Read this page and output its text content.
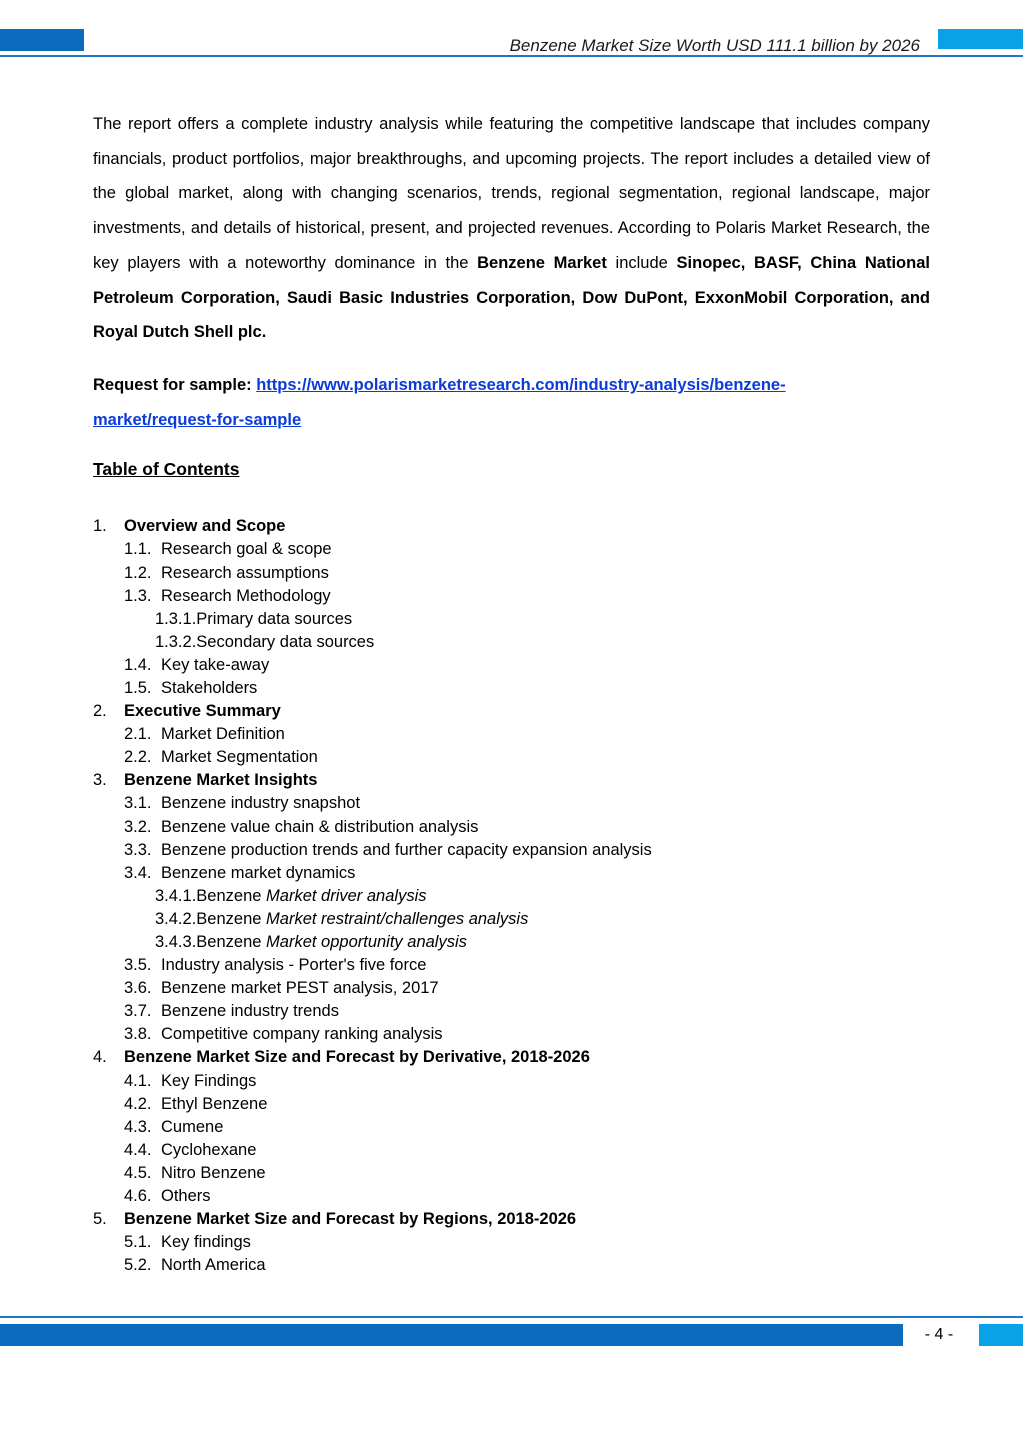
Benzene Market Size Worth USD 111.1 billion by 2026

The report offers a complete industry analysis while featuring the competitive landscape that includes company financials, product portfolios, major breakthroughs, and upcoming projects. The report includes a detailed view of the global market, along with changing scenarios, trends, regional segmentation, regional landscape, major investments, and details of historical, present, and projected revenues. According to Polaris Market Research, the key players with a noteworthy dominance in the Benzene Market include Sinopec, BASF, China National Petroleum Corporation, Saudi Basic Industries Corporation, Dow DuPont, ExxonMobil Corporation, and Royal Dutch Shell plc.

Request for sample: https://www.polarismarketresearch.com/industry-analysis/benzene-
market/request-for-sample
Table of Contents
1. Overview and Scope
1.1. Research goal & scope
1.2. Research assumptions
1.3. Research Methodology
1.3.1.Primary data sources
1.3.2.Secondary data sources
1.4. Key take-away
1.5. Stakeholders
2. Executive Summary
2.1. Market Definition
2.2. Market Segmentation
3. Benzene Market Insights
3.1. Benzene industry snapshot
3.2. Benzene value chain & distribution analysis
3.3. Benzene production trends and further capacity expansion analysis
3.4. Benzene market dynamics
3.4.1.Benzene Market driver analysis
3.4.2.Benzene Market restraint/challenges analysis
3.4.3.Benzene Market opportunity analysis
3.5. Industry analysis - Porter's five force
3.6. Benzene market PEST analysis, 2017
3.7. Benzene industry trends
3.8. Competitive company ranking analysis
4. Benzene Market Size and Forecast by Derivative, 2018-2026
4.1. Key Findings
4.2. Ethyl Benzene
4.3. Cumene
4.4. Cyclohexane
4.5. Nitro Benzene
4.6. Others
5. Benzene Market Size and Forecast by Regions, 2018-2026
5.1. Key findings
5.2. North America
- 4 -
